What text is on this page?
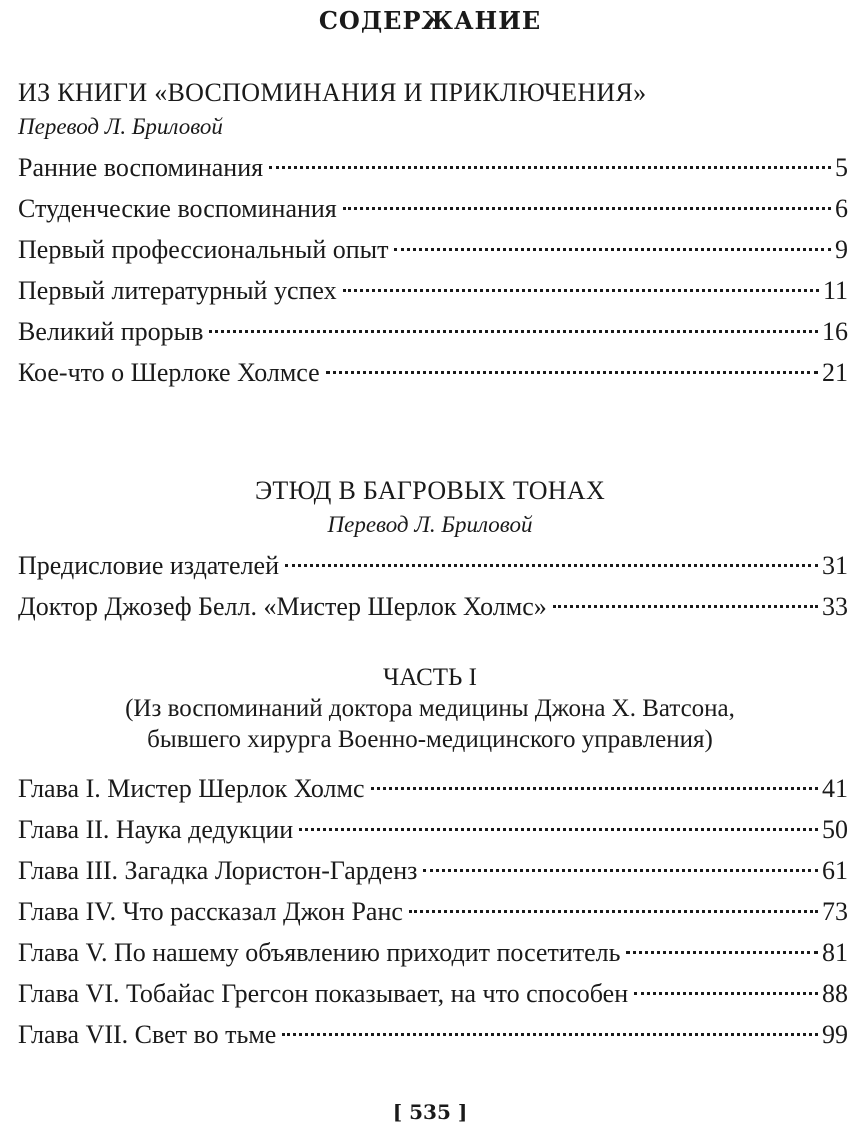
СОДЕРЖАНИЕ
ИЗ КНИГИ «ВОСПОМИНАНИЯ И ПРИКЛЮЧЕНИЯ»
Перевод Л. Бриловой
Ранние воспоминания	5
Студенческие воспоминания	6
Первый профессиональный опыт	9
Первый литературный успех	11
Великий прорыв	16
Кое-что о Шерлоке Холмсе	21
ЭТЮД В БАГРОВЫХ ТОНАХ
Перевод Л. Бриловой
Предисловие издателей	31
Доктор Джозеф Белл. «Мистер Шерлок Холмс»	33
ЧАСТЬ I
(Из воспоминаний доктора медицины Джона Х. Ватсона,
бывшего хирурга Военно-медицинского управления)
Глава I. Мистер Шерлок Холмс	41
Глава II. Наука дедукции	50
Глава III. Загадка Лористон-Гарденз	61
Глава IV. Что рассказал Джон Ранс	73
Глава V. По нашему объявлению приходит посетитель	81
Глава VI. Тобайас Грегсон показывает, на что способен	88
Глава VII. Свет во тьме	99
[ 535 ]
